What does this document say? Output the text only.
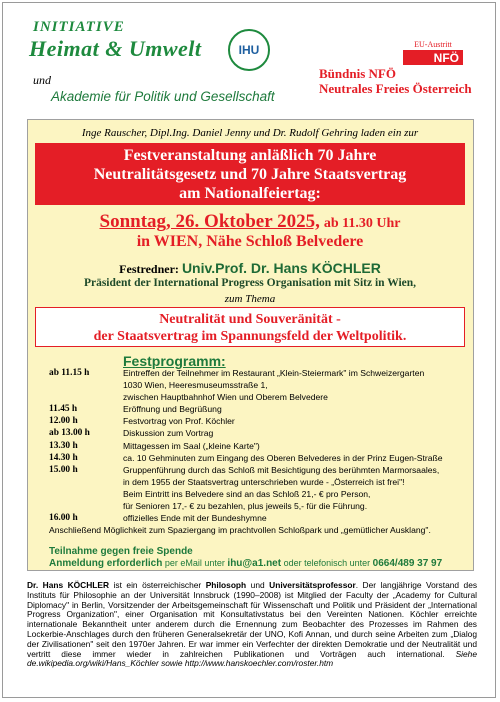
INITIATIVE
Heimat & Umwelt	IHU
und
Akademie für Politik und Gesellschaft
EU-Austritt
NFÖ
Bündnis NFÖ
Neutrales Freies Österreich
Inge Rauscher, Dipl.Ing. Daniel Jenny und Dr. Rudolf Gehring laden ein zur
Festveranstaltung anläßlich 70 Jahre
Neutralitätsgesetz und 70 Jahre Staatsvertrag
am Nationalfeiertag:
Sonntag, 26. Oktober 2025, ab 11.30 Uhr
in WIEN, Nähe Schloß Belvedere
Festredner: Univ.Prof. Dr. Hans KÖCHLER
Präsident der International Progress Organisation mit Sitz in Wien,
zum Thema
Neutralität und Souveränität -
der Staatsvertrag im Spannungsfeld der Weltpolitik.
Festprogramm:
ab 11.15 h	Eintreffen der Teilnehmer im Restaurant „Klein-Steiermark" im Schweizergarten
1030 Wien, Heeresmuseumsstraße 1,
zwischen Hauptbahnhof Wien und Oberem Belvedere
11.45 h	Eröffnung und Begrüßung
12.00 h	Festvortrag von Prof. Köchler
ab 13.00 h	Diskussion zum Vortrag
13.30 h	Mittagessen im Saal („kleine Karte")
14.30 h	ca. 10 Gehminuten zum Eingang des Oberen Belvederes in der Prinz Eugen-Straße
15.00 h	Gruppenführung durch das Schloß mit Besichtigung des berühmten Marmorsaales,
in dem 1955 der Staatsvertrag unterschrieben wurde - „Österreich ist frei"!
Beim Eintritt ins Belvedere sind an das Schloß 21,- € pro Person,
für Senioren 17,- € zu bezahlen, plus jeweils 5,- für die Führung.
16.00 h	offizielles Ende mit der Bundeshymne
Anschließend Möglichkeit zum Spaziergang im prachtvollen Schloßpark und „gemütlicher Ausklang".
Teilnahme gegen freie Spende
Anmeldung erforderlich per eMail unter ihu@a1.net oder telefonisch unter 0664/489 37 97
Dr. Hans KÖCHLER ist ein österreichischer Philosoph und Universitätsprofessor. Der langjährige Vorstand des Instituts für Philosophie an der Universität Innsbruck (1990–2008) ist Mitglied der Faculty der „Academy for Cultural Diplomacy" in Berlin, Vorsitzender der Arbeitsgemeinschaft für Wissenschaft und Politik und Präsident der „International Progress Organization", einer Organisation mit Konsultativstatus bei den Vereinten Nationen. Köchler erreichte internationale Bekanntheit unter anderem durch die Ernennung zum Beobachter des Prozesses im Rahmen des Lockerbie-Anschlages durch den früheren Generalsekretär der UNO, Kofi Annan, und durch seine Arbeiten zum „Dialog der Zivilisationen" seit den 1970er Jahren. Er war immer ein Verfechter der direkten Demokratie und der Neutralität und vertritt diese immer wieder in zahlreichen Publikationen und Vorträgen auch international. Siehe de.wikipedia.org/wiki/Hans_Köchler sowie http://www.hanskoechler.com/roster.htm
